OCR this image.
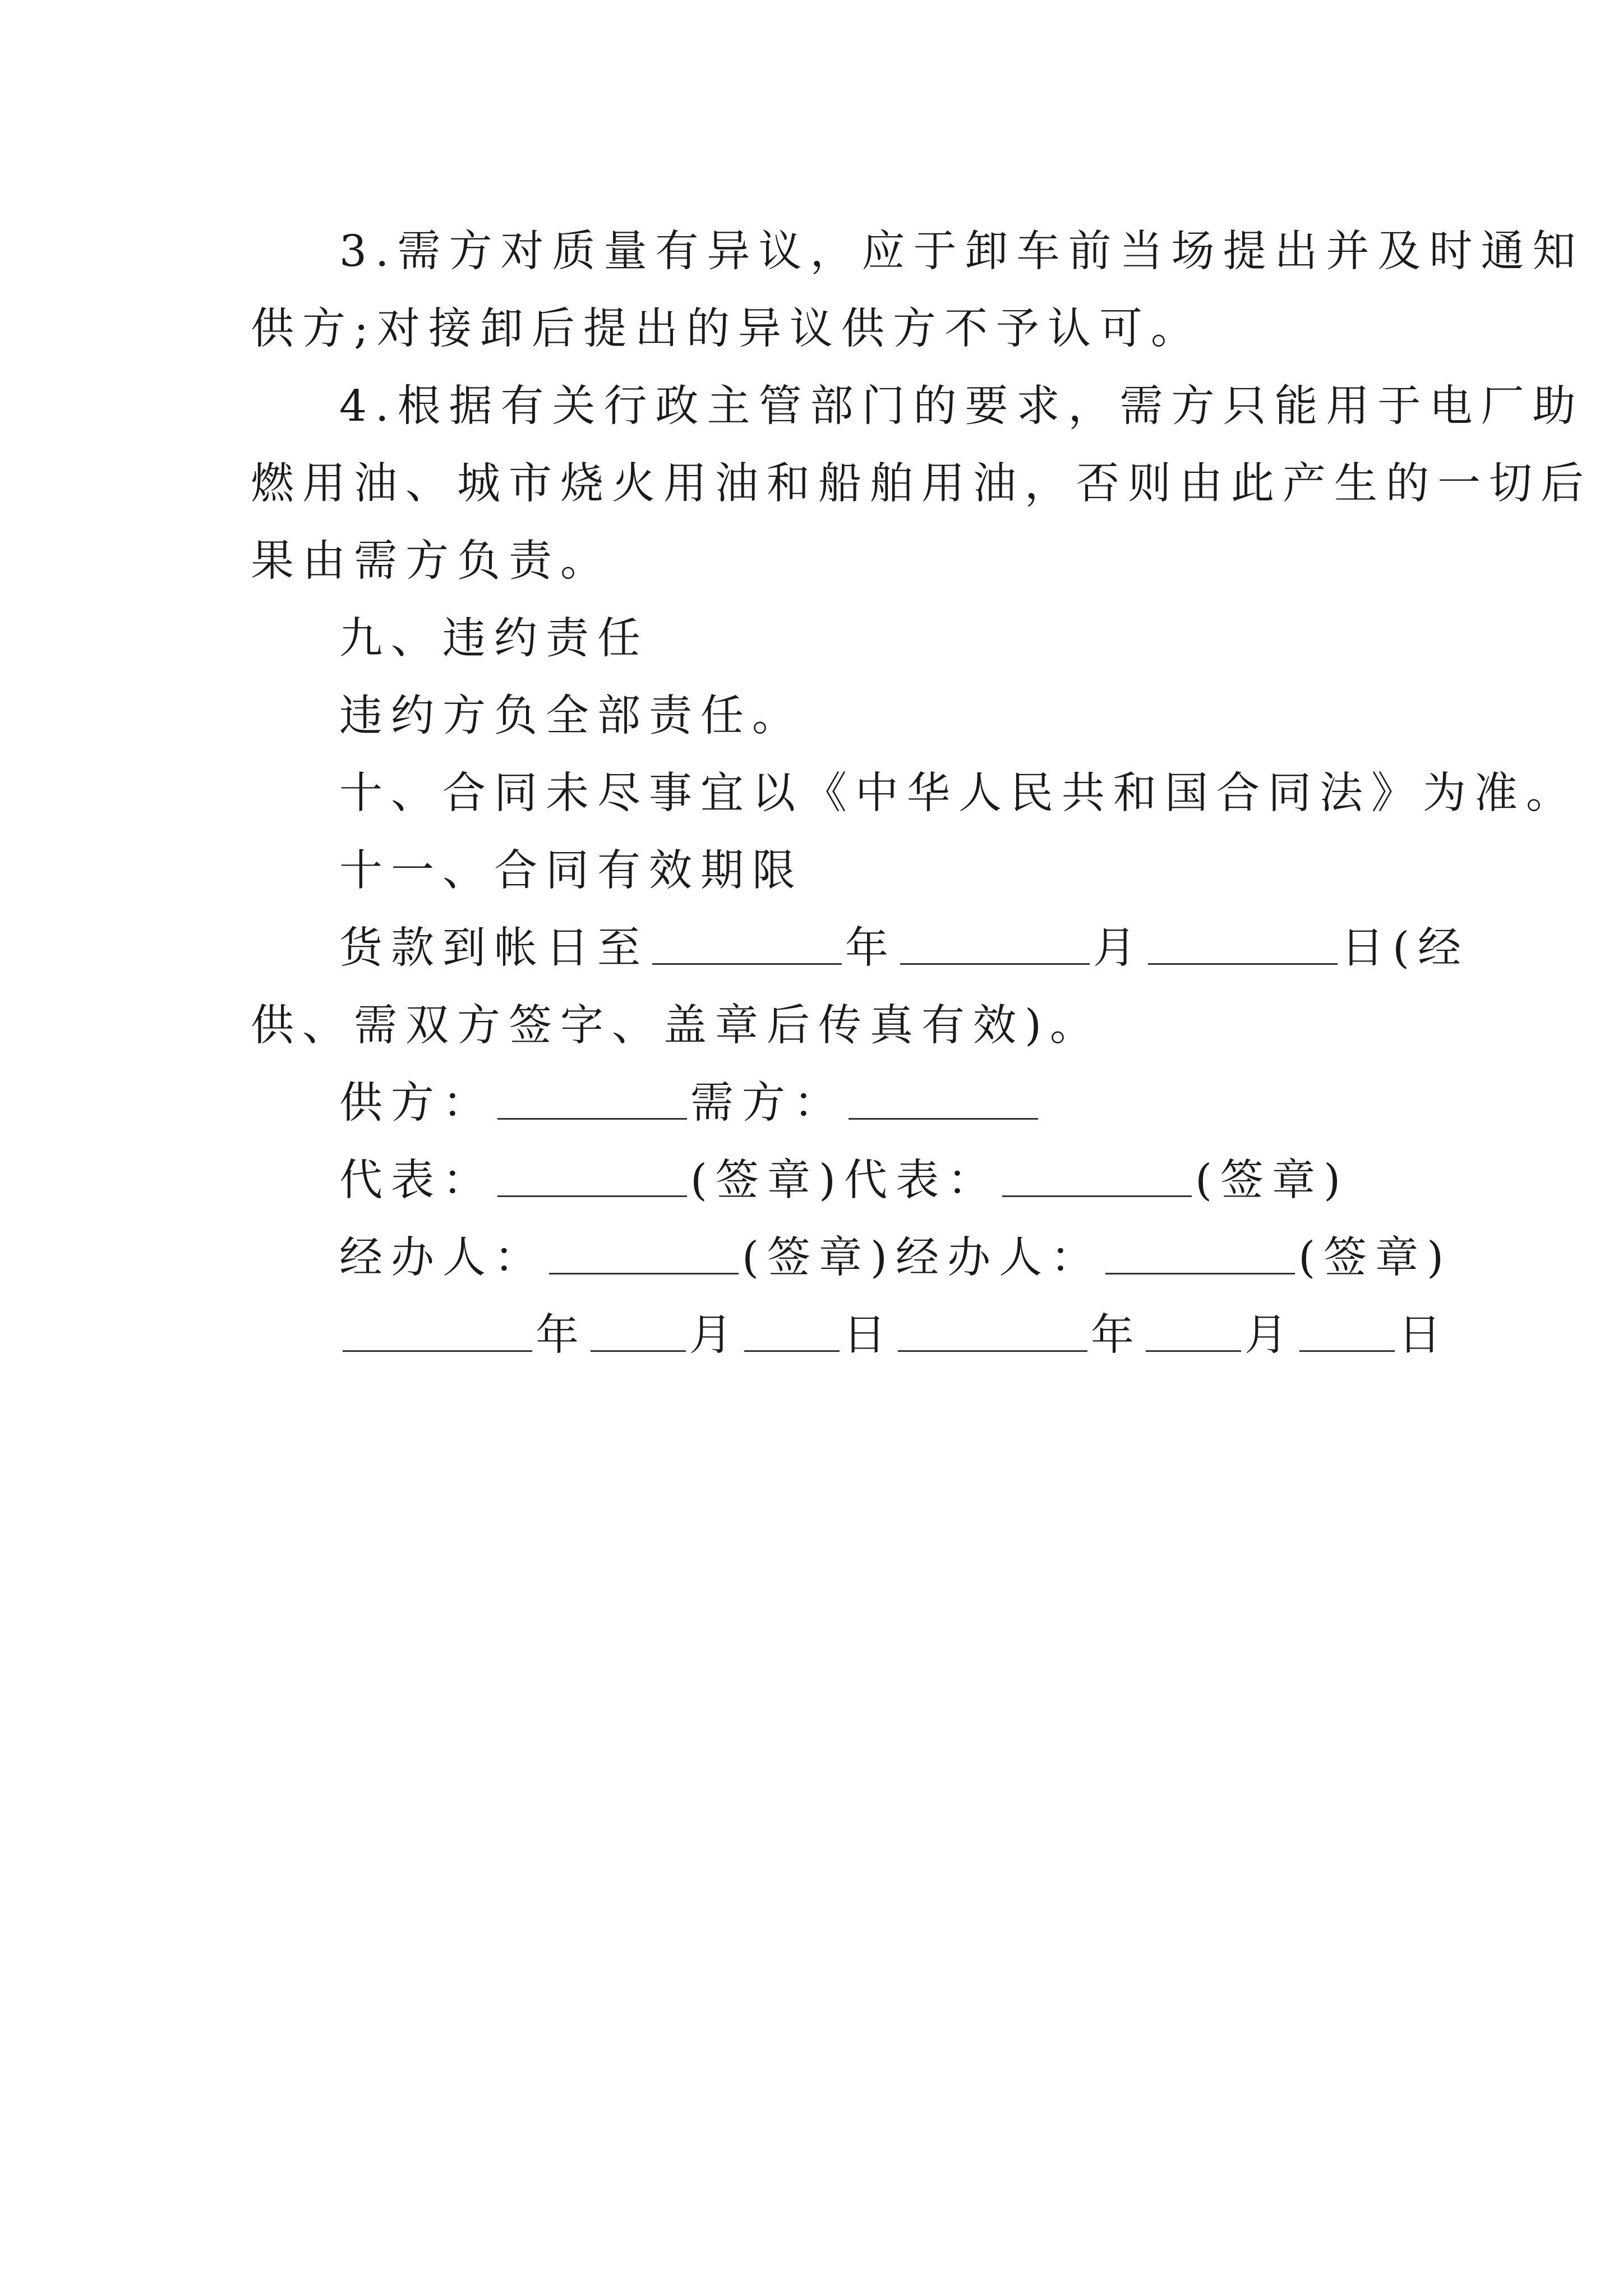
3.需方对质量有异议，应于卸车前当场提出并及时通知

供方;对接卸后提出的异议供方不予认可。

4.根据有关行政主管部门的要求，需方只能用于电厂助

燃用油、城市烧火用油和船舶用油，否则由此产生的一切后

果由需方负责。

九、违约责任

违约方负全部责任。

十、合同未尽事宜以《中华人民共和国合同法》为准。

十一、合同有效期限

货款到帐日至	年	月	日(经

供、需双方签字、盖章后传真有效)。

供方：	需方：

代表：	(签章)代表：	(签章)

经办人：	(签章)经办人：	(签章)

年 月 日	年 月 日
